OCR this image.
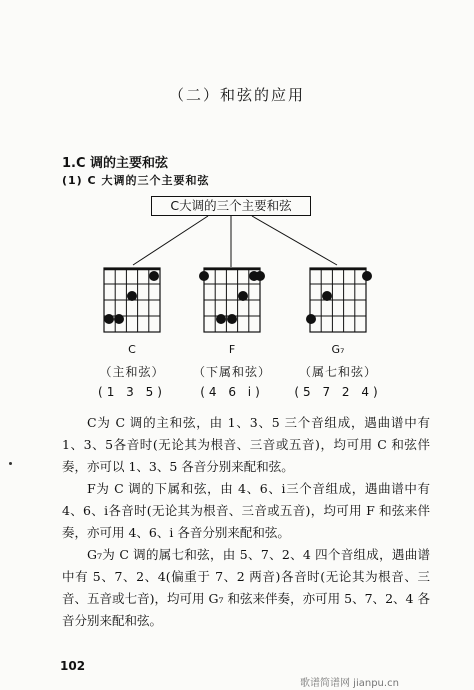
（二）和弦的应用
1.C 调的主要和弦
(1) C 大调的三个主要和弦
C大调的三个主要和弦
C	F	G₇
（主和弦）	（下属和弦）	（属七和弦）
(1 3 5)	(4 6 i)	(5 7 2 4)

C为 C 调的主和弦，由 1、3、5 三个音组成，遇曲谱中有 1、3、5各音时(无论其为根音、三音或五音)，均可用 C 和弦伴奏，亦可以 1、3、5 各音分别来配和弦。

F为 C 调的下属和弦，由 4、6、i三个音组成，遇曲谱中有 4、6、i各音时(无论其为根音、三音或五音)，均可用 F 和弦来伴奏，亦可用 4、6、i 各音分别来配和弦。

G₇为 C 调的属七和弦，由 5、7、2、4 四个音组成，遇曲谱中有 5、7、2、4(偏重于 7、2 两音)各音时(无论其为根音、三音、五音或七音)，均可用 G₇ 和弦来伴奏，亦可用 5、7、2、4 各音分别来配和弦。

102
歌谱简谱网 jianpu.cn
